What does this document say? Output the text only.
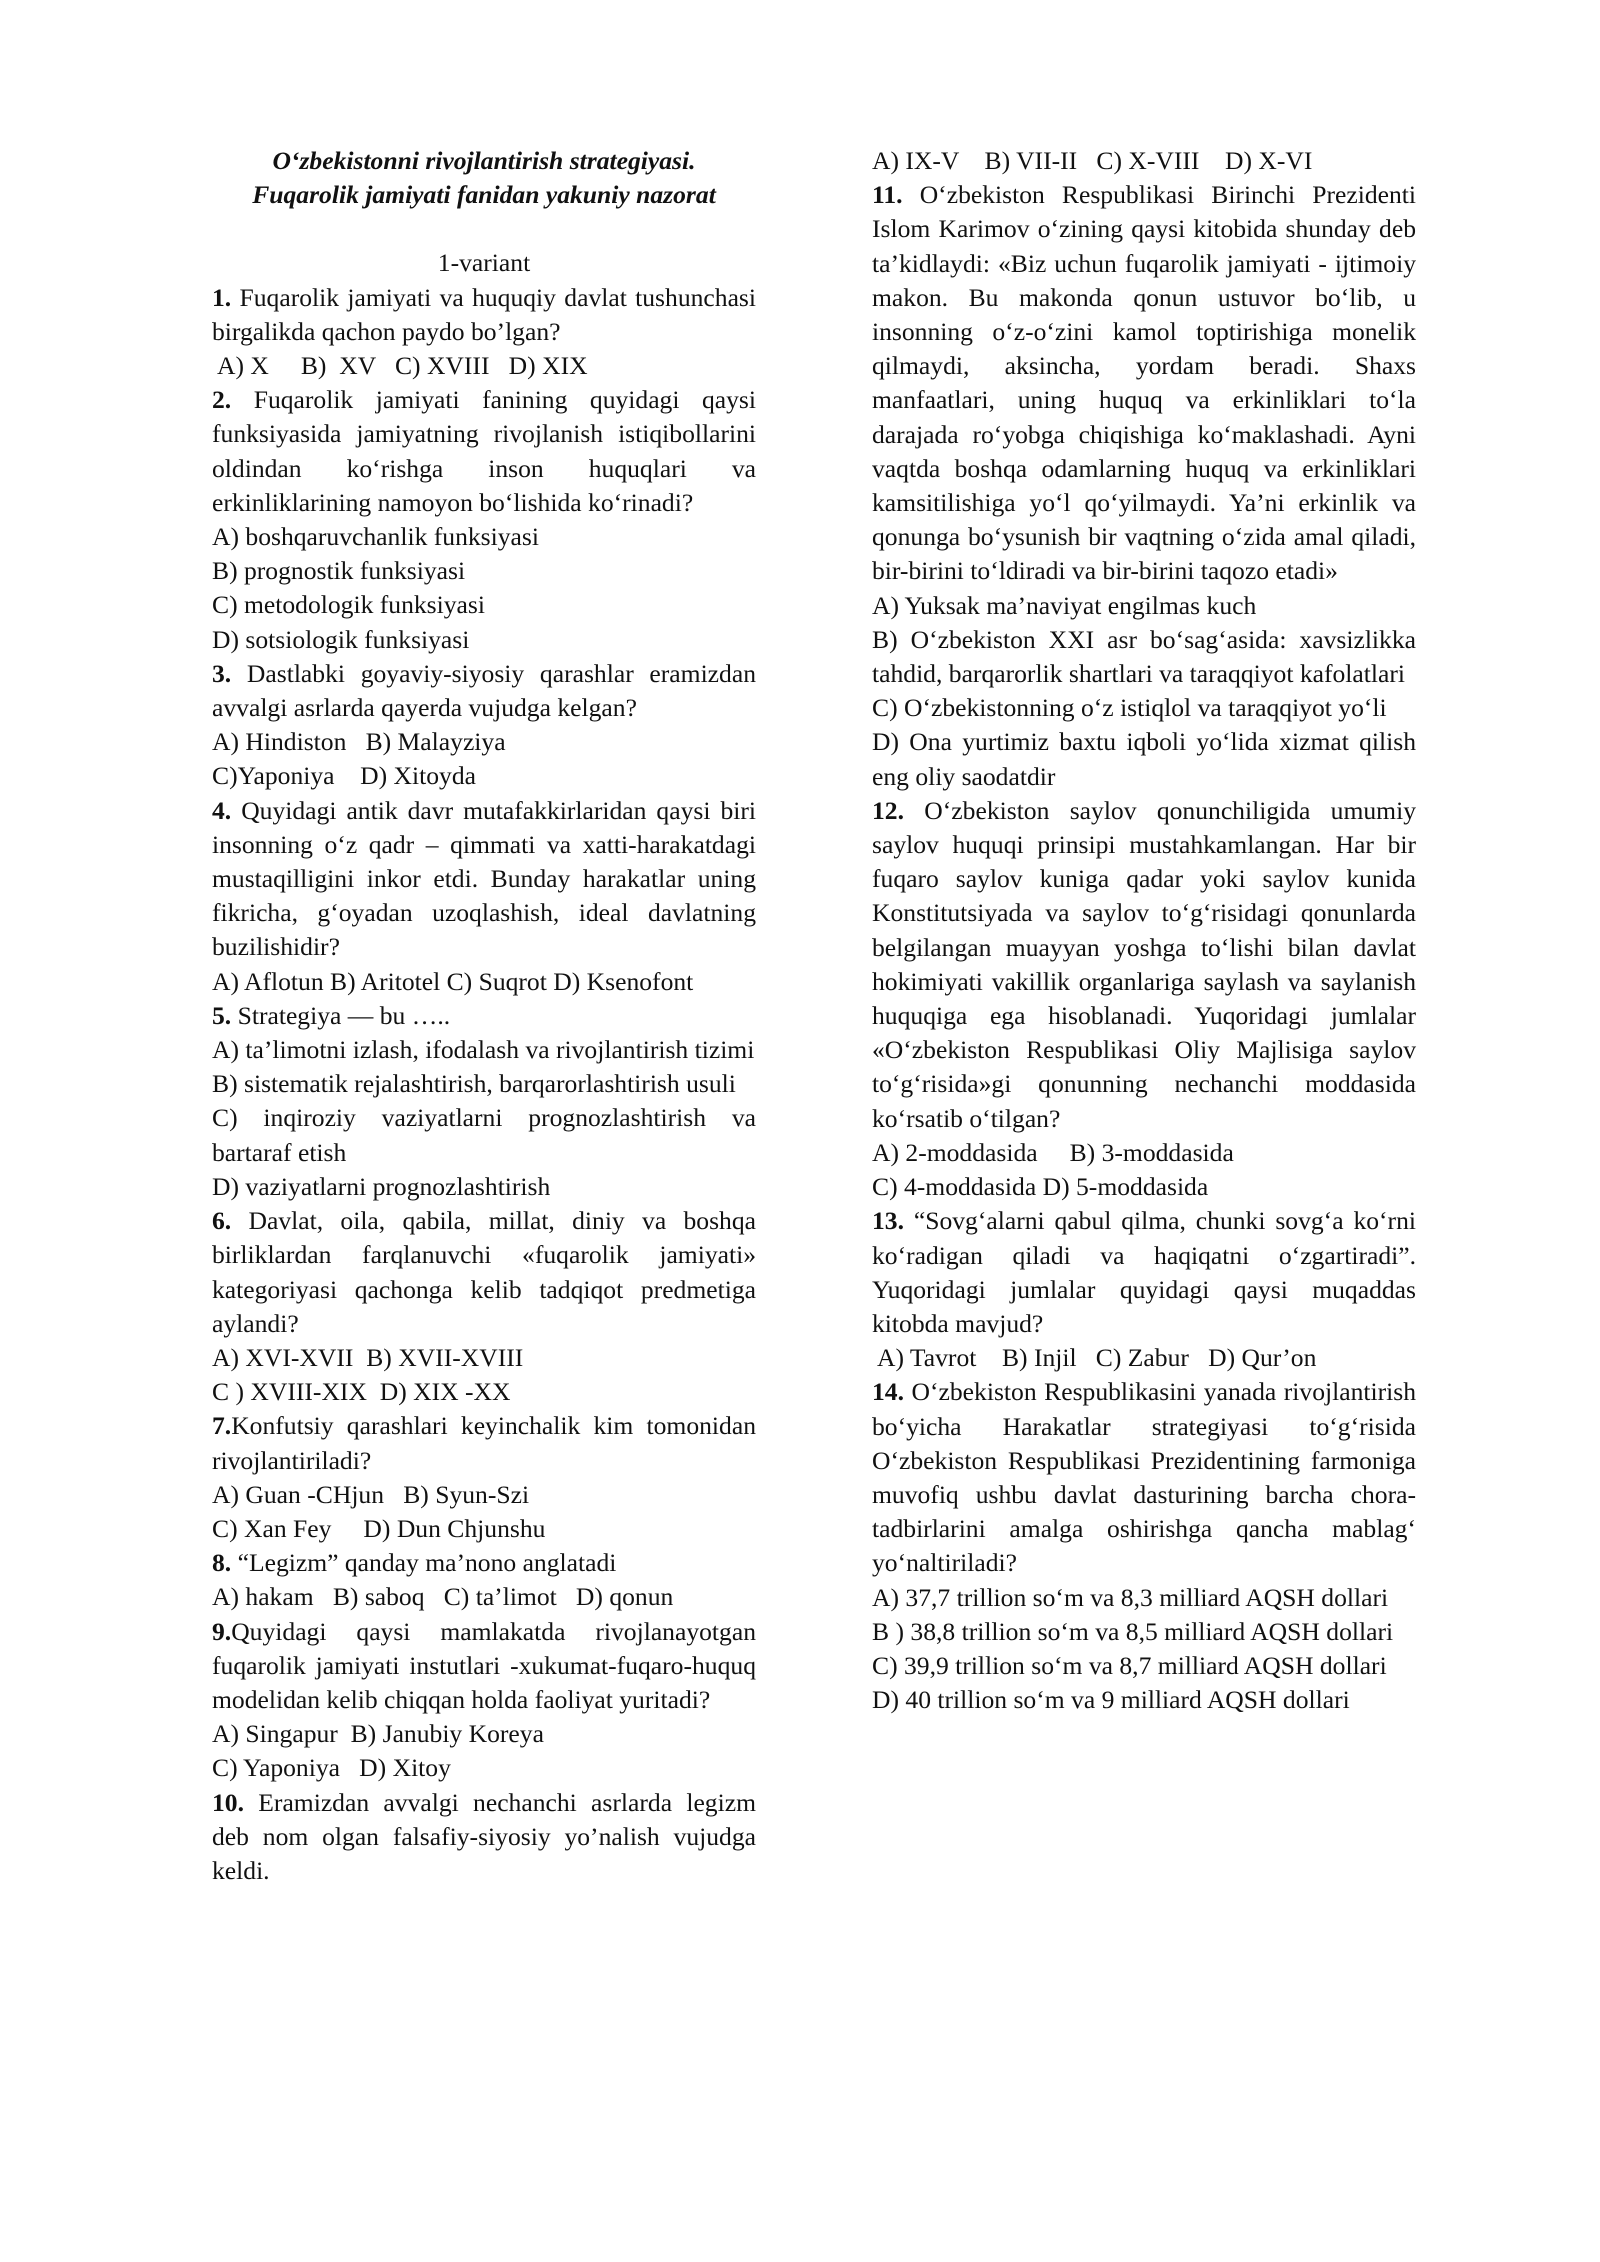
O‘zbekistonni rivojlantirish strategiyasi.

Fuqarolik jamiyati fanidan yakuniy nazorat

1-variant

1. Fuqarolik jamiyati va huquqiy davlat tushunchasi birgalikda qachon paydo bo’lgan?

A) X     B)  XV   C) XVIII   D) XIX

2. Fuqarolik jamiyati fanining quyidagi qaysi funksiyasida jamiyatning rivojlanish istiqibollarini oldindan ko‘rishga inson huquqlari va erkinliklarining namoyon bo‘lishida ko‘rinadi?

A) boshqaruvchanlik funksiyasi

B) prognostik funksiyasi

C) metodologik funksiyasi

D) sotsiologik funksiyasi

3. Dastlabki goyaviy-siyosiy qarashlar eramizdan avvalgi asrlarda qayerda vujudga kelgan?

A) Hindiston   B) Malayziya

C)Yaponiya    D) Xitoyda

4. Quyidagi antik davr mutafakkirlaridan qaysi biri insonning o‘z qadr – qimmati va xatti-harakatdagi mustaqilligini inkor etdi. Bunday harakatlar uning fikricha, g‘oyadan uzoqlashish, ideal davlatning buzilishidir?

A) Aflotun B) Aritotel C) Suqrot D) Ksenofont

5. Strategiya — bu …..

A) ta’limotni izlash, ifodalash va rivojlantirish tizimi

B) sistematik rejalashtirish, barqarorlashtirish usuli

C) inqiroziy vaziyatlarni prognozlashtirish va bartaraf etish

D) vaziyatlarni prognozlashtirish

6. Davlat, oila, qabila, millat, diniy va boshqa birliklardan farqlanuvchi «fuqarolik jamiyati» kategoriyasi qachonga kelib tadqiqot predmetiga aylandi?

A) XVI-XVII  B) XVII-XVIII

C ) XVIII-XIX  D) XIX -XX

7.Konfutsiy qarashlari keyinchalik kim tomonidan rivojlantiriladi?

A) Guan -CHjun   B) Syun-Szi

C) Xan Fey     D) Dun Chjunshu

8. “Legizm” qanday ma’nono anglatadi

A) hakam   B) saboq   C) ta’limot   D) qonun

9.Quyidagi qaysi mamlakatda rivojlanayotgan fuqarolik jamiyati instutlari -xukumat-fuqaro-huquq modelidan kelib chiqqan holda faoliyat yuritadi?

A) Singapur  B) Janubiy Koreya

C) Yaponiya   D) Xitoy

10. Eramizdan avvalgi nechanchi asrlarda legizm deb nom olgan falsafiy-siyosiy yo’nalish vujudga keldi.

A) IX-V    B) VII-II   C) X-VIII    D) X-VI

11. O‘zbekiston Respublikasi Birinchi Prezidenti Islom Karimov o‘zining qaysi kitobida shunday deb ta’kidlaydi: «Biz uchun fuqarolik jamiyati - ijtimoiy makon. Bu makonda qonun ustuvor bo‘lib, u insonning o‘z-o‘zini kamol toptirishiga monelik qilmaydi, aksincha, yordam beradi. Shaxs manfaatlari, uning huquq va erkinliklari to‘la darajada ro‘yobga chiqishiga ko‘maklashadi. Ayni vaqtda boshqa odamlarning huquq va erkinliklari kamsitilishiga yo‘l qo‘yilmaydi. Ya’ni erkinlik va qonunga bo‘ysunish bir vaqtning o‘zida amal qiladi, bir-birini to‘ldiradi va bir-birini taqozo etadi»

A) Yuksak ma’naviyat engilmas kuch

B) O‘zbekiston XXI asr bo‘sag‘asida: xavsizlikka tahdid, barqarorlik shartlari va taraqqiyot kafolatlari

C) O‘zbekistonning o‘z istiqlol va taraqqiyot yo‘li

D) Ona yurtimiz baxtu iqboli yo‘lida xizmat qilish eng oliy saodatdir

12. O‘zbekiston saylov qonunchiligida umumiy saylov huquqi prinsipi mustahkamlangan. Har bir fuqaro saylov kuniga qadar yoki saylov kunida Konstitutsiyada va saylov to‘g‘risidagi qonunlarda belgilangan muayyan yoshga to‘lishi bilan davlat hokimiyati vakillik organlariga saylash va saylanish huquqiga ega hisoblanadi. Yuqoridagi jumlalar «O‘zbekiston Respublikasi Oliy Majlisiga saylov to‘g‘risida»gi qonunning nechanchi moddasida ko‘rsatib o‘tilgan?

A) 2-moddasida     B) 3-moddasida

C) 4-moddasida D) 5-moddasida

13. “Sovg‘alarni qabul qilma, chunki sovg‘a ko‘rni ko‘radigan qiladi va haqiqatni o‘zgartiradi”. Yuqoridagi jumlalar quyidagi qaysi muqaddas kitobda mavjud?

A) Tavrot    B) Injil   C) Zabur   D) Qur’on

14. O‘zbekiston Respublikasini yanada rivojlantirish bo‘yicha Harakatlar strategiyasi to‘g‘risida O‘zbekiston Respublikasi Prezidentining farmoniga muvofiq ushbu davlat dasturining barcha chora-tadbirlarini amalga oshirishga qancha mablag‘ yo‘naltiriladi?

A) 37,7 trillion so‘m va 8,3 milliard AQSH dollari

B ) 38,8 trillion so‘m va 8,5 milliard AQSH dollari

C) 39,9 trillion so‘m va 8,7 milliard AQSH dollari

D) 40 trillion so‘m va 9 milliard AQSH dollari
